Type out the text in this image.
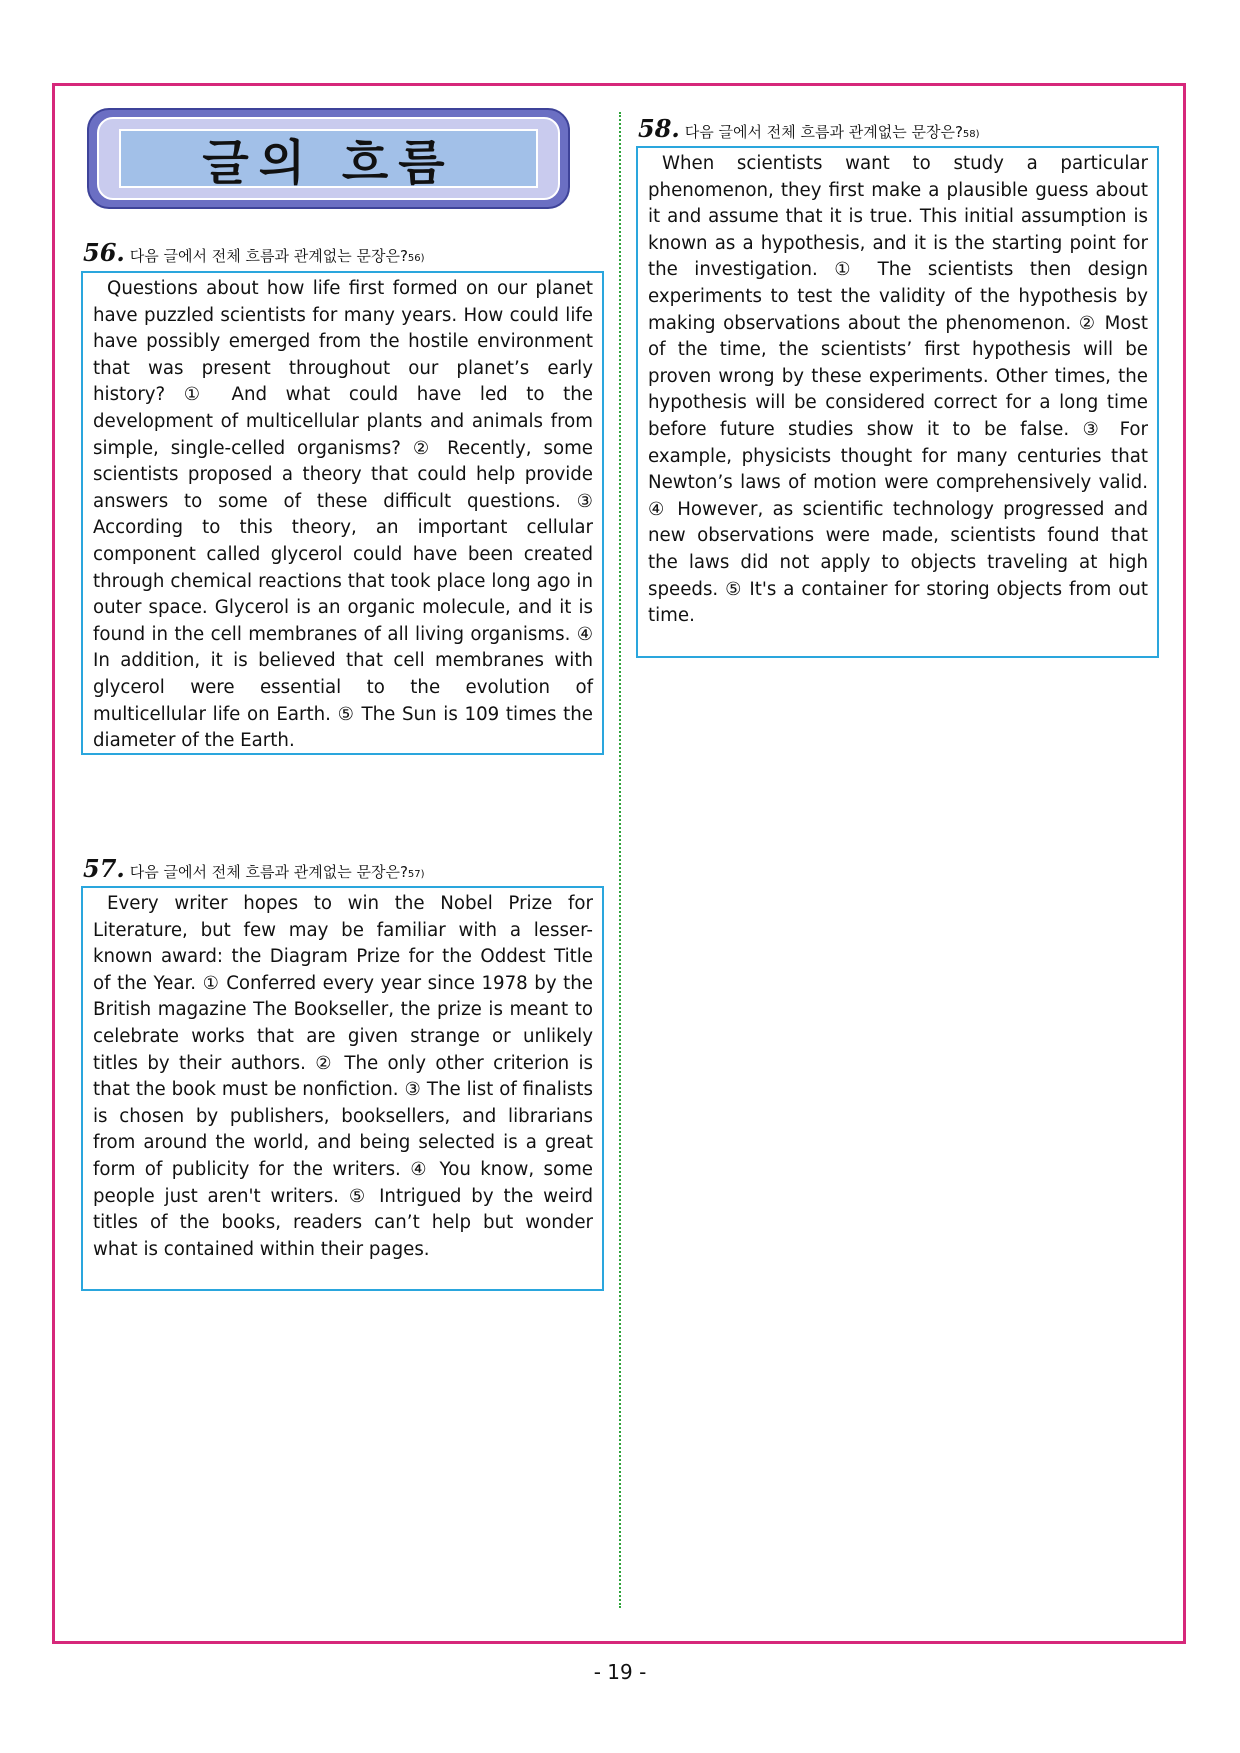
글의 흐름
56. 다음 글에서 전체 흐름과 관계없는 문장은? 56)

Questions about how life first formed on our planet have puzzled scientists for many years. How could life have possibly emerged from the hostile environment that was present throughout our planet’s early history? ① And what could have led to the development of multicellular plants and animals from simple, single-celled organisms? ② Recently, some scientists proposed a theory that could help provide answers to some of these difficult questions. ③ According to this theory, an important cellular component called glycerol could have been created through chemical reactions that took place long ago in outer space. Glycerol is an organic molecule, and it is found in the cell membranes of all living organisms. ④ In addition, it is believed that cell membranes with glycerol were essential to the evolution of multicellular life on Earth. ⑤ The Sun is 109 times the diameter of the Earth.

57. 다음 글에서 전체 흐름과 관계없는 문장은? 57)

Every writer hopes to win the Nobel Prize for Literature, but few may be familiar with a lesser-known award: the Diagram Prize for the Oddest Title of the Year. ① Conferred every year since 1978 by the British magazine The Bookseller, the prize is meant to celebrate works that are given strange or unlikely titles by their authors. ② The only other criterion is that the book must be nonfiction. ③ The list of finalists is chosen by publishers, booksellers, and librarians from around the world, and being selected is a great form of publicity for the writers. ④ You know, some people just aren't writers. ⑤ Intrigued by the weird titles of the books, readers can’t help but wonder what is contained within their pages.

58. 다음 글에서 전체 흐름과 관계없는 문장은? 58)

When scientists want to study a particular phenomenon, they first make a plausible guess about it and assume that it is true. This initial assumption is known as a hypothesis, and it is the starting point for the investigation. ① The scientists then design experiments to test the validity of the hypothesis by making observations about the phenomenon. ② Most of the time, the scientists’ first hypothesis will be proven wrong by these experiments. Other times, the hypothesis will be considered correct for a long time before future studies show it to be false. ③ For example, physicists thought for many centuries that Newton’s laws of motion were comprehensively valid. ④ However, as scientific technology progressed and new observations were made, scientists found that the laws did not apply to objects traveling at high speeds. ⑤ It's a container for storing objects from out time.

- 19 -
